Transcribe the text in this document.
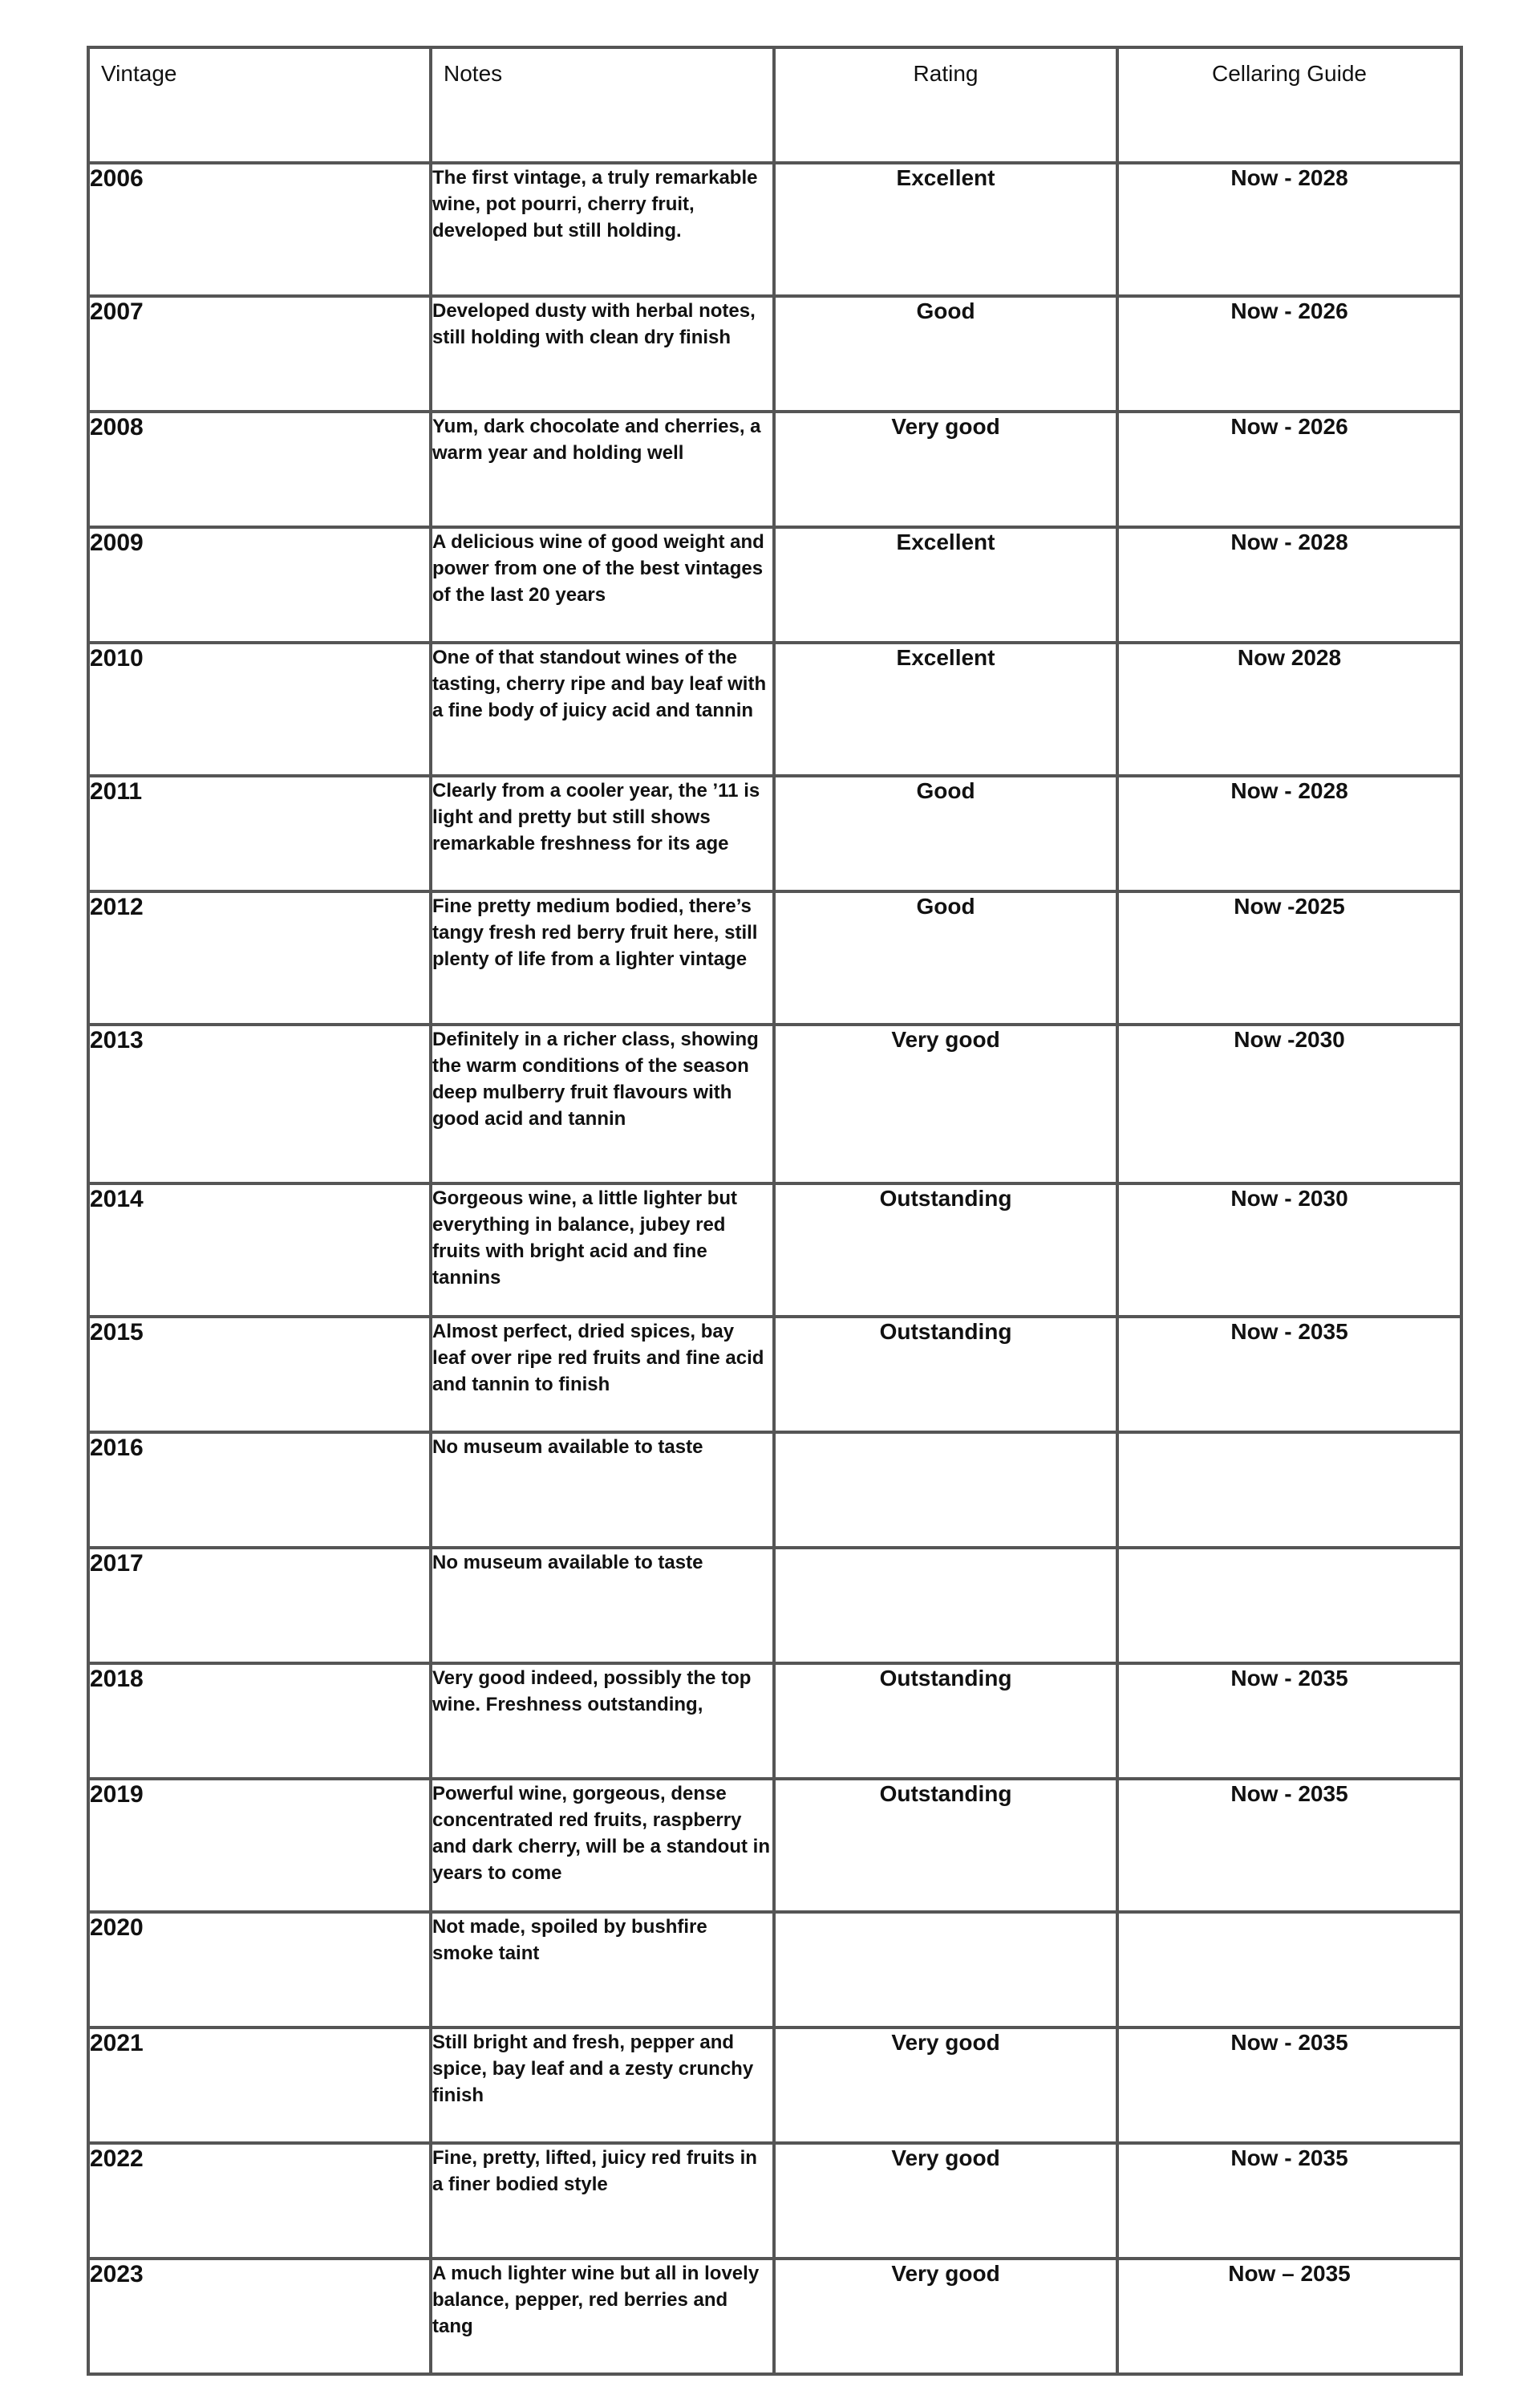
Vintage	Notes	Rating	Cellaring Guide
2006	The first vintage, a truly remarkable wine, pot pourri, cherry fruit, developed but still holding.	Excellent	Now - 2028
2007	Developed dusty with herbal notes, still holding with clean dry finish	Good	Now - 2026
2008	Yum, dark chocolate and cherries, a warm year and holding well	Very good	Now - 2026
2009	A delicious wine of good weight and power from one of the best vintages of the last 20 years	Excellent	Now - 2028
2010	One of that standout wines of the tasting, cherry ripe and bay leaf with a fine body of juicy acid and tannin	Excellent	Now 2028
2011	Clearly from a cooler year, the ’11 is light and pretty but still shows remarkable freshness for its age	Good	Now - 2028
2012	Fine pretty medium bodied, there’s tangy fresh red berry fruit here, still plenty of life from a lighter vintage	Good	Now -2025
2013	Definitely in a richer class, showing the warm conditions of the season deep mulberry fruit flavours with good acid and tannin	Very good	Now -2030
2014	Gorgeous wine, a little lighter but everything in balance, jubey red fruits with bright acid and fine tannins	Outstanding	Now - 2030
2015	Almost perfect, dried spices, bay leaf over ripe red fruits and fine acid and tannin to finish	Outstanding	Now - 2035
2016	No museum available to taste		
2017	No museum available to taste		
2018	Very good indeed, possibly the top wine. Freshness outstanding,	Outstanding	Now - 2035
2019	Powerful wine, gorgeous, dense concentrated red fruits, raspberry and dark cherry, will be a standout in years to come	Outstanding	Now - 2035
2020	Not made, spoiled by bushfire smoke taint		
2021	Still bright and fresh, pepper and spice, bay leaf and a zesty crunchy finish	Very good	Now - 2035
2022	Fine, pretty, lifted, juicy red fruits in a finer bodied style	Very good	Now - 2035
2023	A much lighter wine but all in lovely balance, pepper, red berries and tang	Very good	Now – 2035
